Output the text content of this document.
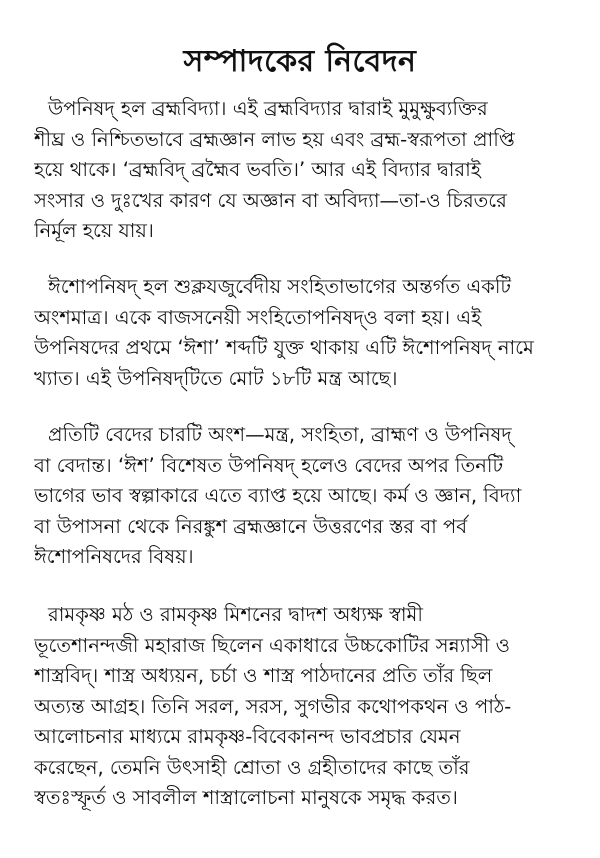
সম্পাদকের নিবেদন
উপনিষদ্ হল ব্রহ্মবিদ্যা। এই ব্রহ্মবিদ্যার দ্বারাই মুমুক্ষুব্যক্তির
শীঘ্র ও নিশ্চিতভাবে ব্রহ্মজ্ঞান লাভ হয় এবং ব্রহ্ম-স্বরূপতা প্রাপ্তি
হয়ে থাকে। ‘ব্রহ্মবিদ্ ব্রহ্মৈব ভবতি।’ আর এই বিদ্যার দ্বারাই
সংসার ও দুঃখের কারণ যে অজ্ঞান বা অবিদ্যা—তা-ও চিরতরে
নির্মূল হয়ে যায়।
ঈশোপনিষদ্ হল শুক্লযজুর্বেদীয় সংহিতাভাগের অন্তর্গত একটি
অংশমাত্র। একে বাজসনেয়ী সংহিতোপনিষদ্ও বলা হয়। এই
উপনিষদের প্রথমে ‘ঈশা’ শব্দটি যুক্ত থাকায় এটি ঈশোপনিষদ্ নামে
খ্যাত। এই উপনিষদ্‌টিতে মোট ১৮টি মন্ত্র আছে।
প্রতিটি বেদের চারটি অংশ—মন্ত্র, সংহিতা, ব্রাহ্মণ ও উপনিষদ্
বা বেদান্ত। ‘ঈশ’ বিশেষত উপনিষদ্ হলেও বেদের অপর তিনটি
ভাগের ভাব স্বল্পাকারে এতে ব্যাপ্ত হয়ে আছে। কর্ম ও জ্ঞান, বিদ্যা
বা উপাসনা থেকে নিরঙ্কুশ ব্রহ্মজ্ঞানে উত্তরণের স্তর বা পর্ব
ঈশোপনিষদের বিষয়।
রামকৃষ্ণ মঠ ও রামকৃষ্ণ মিশনের দ্বাদশ অধ্যক্ষ স্বামী
ভূতেশানন্দজী মহারাজ ছিলেন একাধারে উচ্চকোটির সন্ন্যাসী ও
শাস্ত্রবিদ্। শাস্ত্র অধ্যয়ন, চর্চা ও শাস্ত্র পাঠদানের প্রতি তাঁর ছিল
অত্যন্ত আগ্রহ। তিনি সরল, সরস, সুগভীর কথোপকথন ও পাঠ-
আলোচনার মাধ্যমে রামকৃষ্ণ-বিবেকানন্দ ভাবপ্রচার যেমন
করেছেন, তেমনি উৎসাহী শ্রোতা ও গ্রহীতাদের কাছে তাঁর
স্বতঃস্ফূর্ত ও সাবলীল শাস্ত্রালোচনা মানুষকে সমৃদ্ধ করত।
